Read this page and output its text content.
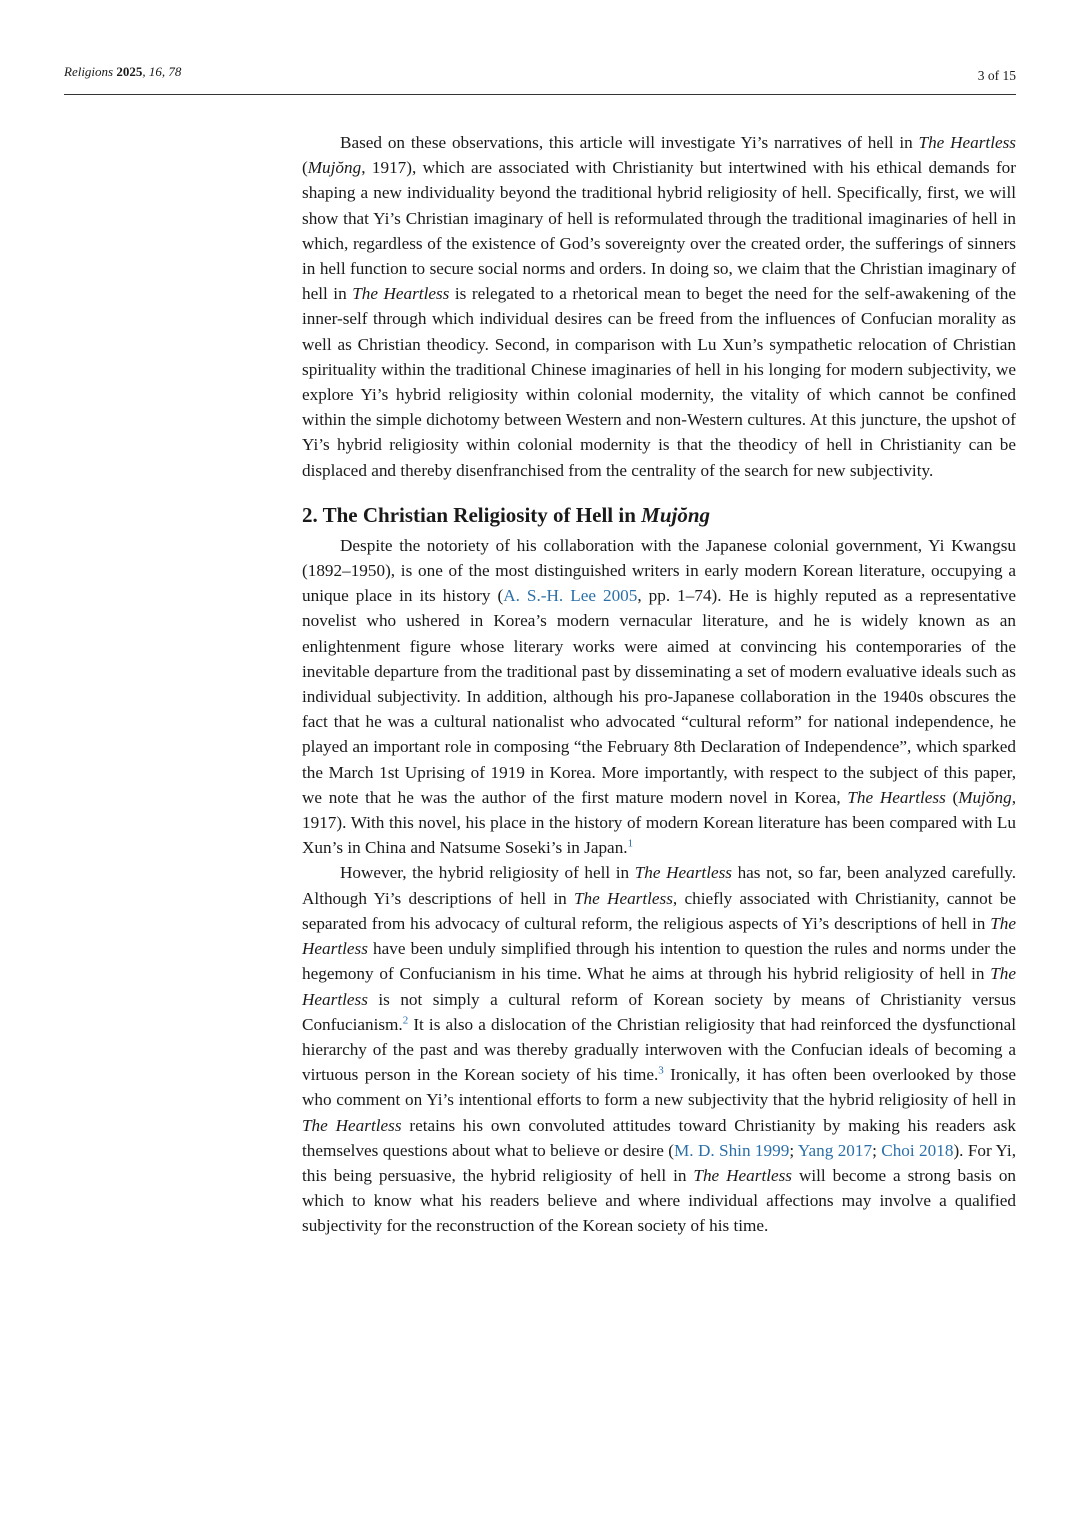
Religions 2025, 16, 78	3 of 15

Based on these observations, this article will investigate Yi’s narratives of hell in The Heartless (Mujŏng, 1917), which are associated with Christianity but intertwined with his ethical demands for shaping a new individuality beyond the traditional hybrid religiosity of hell. Specifically, first, we will show that Yi’s Christian imaginary of hell is reformulated through the traditional imaginaries of hell in which, regardless of the existence of God’s sovereignty over the created order, the sufferings of sinners in hell function to secure social norms and orders. In doing so, we claim that the Christian imaginary of hell in The Heartless is relegated to a rhetorical mean to beget the need for the self-awakening of the inner-self through which individual desires can be freed from the influences of Confucian morality as well as Christian theodicy. Second, in comparison with Lu Xun’s sympathetic relocation of Christian spirituality within the traditional Chinese imaginaries of hell in his longing for modern subjectivity, we explore Yi’s hybrid religiosity within colonial modernity, the vitality of which cannot be confined within the simple dichotomy between Western and non-Western cultures. At this juncture, the upshot of Yi’s hybrid religiosity within colonial modernity is that the theodicy of hell in Christianity can be displaced and thereby disenfranchised from the centrality of the search for new subjectivity.

2. The Christian Religiosity of Hell in Mujŏng

Despite the notoriety of his collaboration with the Japanese colonial government, Yi Kwangsu (1892–1950), is one of the most distinguished writers in early modern Korean literature, occupying a unique place in its history (A. S.-H. Lee 2005, pp. 1–74). He is highly reputed as a representative novelist who ushered in Korea’s modern vernacular literature, and he is widely known as an enlightenment figure whose literary works were aimed at convincing his contemporaries of the inevitable departure from the traditional past by disseminating a set of modern evaluative ideals such as individual subjectivity. In addition, although his pro-Japanese collaboration in the 1940s obscures the fact that he was a cultural nationalist who advocated “cultural reform” for national independence, he played an important role in composing “the February 8th Declaration of Independence”, which sparked the March 1st Uprising of 1919 in Korea. More importantly, with respect to the subject of this paper, we note that he was the author of the first mature modern novel in Korea, The Heartless (Mujŏng, 1917). With this novel, his place in the history of modern Korean literature has been compared with Lu Xun’s in China and Natsume Soseki’s in Japan.$^1$

However, the hybrid religiosity of hell in The Heartless has not, so far, been analyzed carefully. Although Yi’s descriptions of hell in The Heartless, chiefly associated with Christianity, cannot be separated from his advocacy of cultural reform, the religious aspects of Yi’s descriptions of hell in The Heartless have been unduly simplified through his intention to question the rules and norms under the hegemony of Confucianism in his time. What he aims at through his hybrid religiosity of hell in The Heartless is not simply a cultural reform of Korean society by means of Christianity versus Confucianism.$^2$ It is also a dislocation of the Christian religiosity that had reinforced the dysfunctional hierarchy of the past and was thereby gradually interwoven with the Confucian ideals of becoming a virtuous person in the Korean society of his time.$^3$ Ironically, it has often been overlooked by those who comment on Yi’s intentional efforts to form a new subjectivity that the hybrid religiosity of hell in The Heartless retains his own convoluted attitudes toward Christianity by making his readers ask themselves questions about what to believe or desire (M. D. Shin 1999; Yang 2017; Choi 2018). For Yi, this being persuasive, the hybrid religiosity of hell in The Heartless will become a strong basis on which to know what his readers believe and where individual affections may involve a qualified subjectivity for the reconstruction of the Korean society of his time.
